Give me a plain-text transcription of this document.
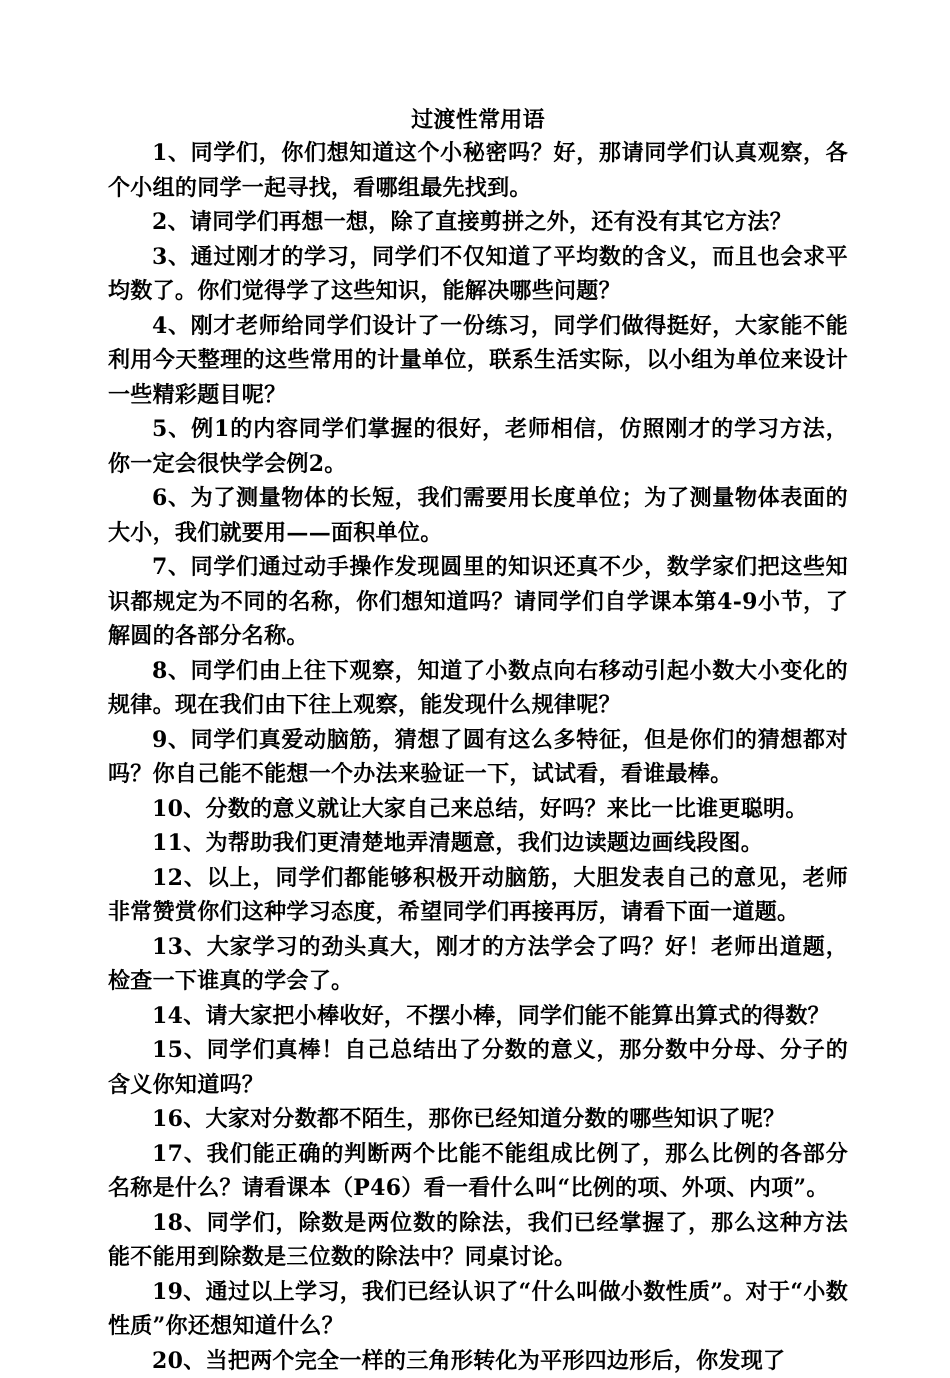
过渡性常用语

1、同学们，你们想知道这个小秘密吗？好，那请同学们认真观察，各个小组的同学一起寻找，看哪组最先找到。

2、请同学们再想一想，除了直接剪拼之外，还有没有其它方法？

3、通过刚才的学习，同学们不仅知道了平均数的含义，而且也会求平均数了。你们觉得学了这些知识，能解决哪些问题？

4、刚才老师给同学们设计了一份练习，同学们做得挺好，大家能不能利用今天整理的这些常用的计量单位，联系生活实际，以小组为单位来设计一些精彩题目呢？

5、例1的内容同学们掌握的很好，老师相信，仿照刚才的学习方法，你一定会很快学会例2。

6、为了测量物体的长短，我们需要用长度单位；为了测量物体表面的大小，我们就要用——面积单位。

7、同学们通过动手操作发现圆里的知识还真不少，数学家们把这些知识都规定为不同的名称，你们想知道吗？请同学们自学课本第4-9小节，了解圆的各部分名称。

8、同学们由上往下观察，知道了小数点向右移动引起小数大小变化的规律。现在我们由下往上观察，能发现什么规律呢？

9、同学们真爱动脑筋，猜想了圆有这么多特征，但是你们的猜想都对吗？你自己能不能想一个办法来验证一下，试试看，看谁最棒。

10、分数的意义就让大家自己来总结，好吗？来比一比谁更聪明。

11、为帮助我们更清楚地弄清题意，我们边读题边画线段图。

12、以上，同学们都能够积极开动脑筋，大胆发表自己的意见，老师非常赞赏你们这种学习态度，希望同学们再接再厉，请看下面一道题。

13、大家学习的劲头真大，刚才的方法学会了吗？好！老师出道题，检查一下谁真的学会了。

14、请大家把小棒收好，不摆小棒，同学们能不能算出算式的得数？

15、同学们真棒！自己总结出了分数的意义，那分数中分母、分子的含义你知道吗？

16、大家对分数都不陌生，那你已经知道分数的哪些知识了呢？

17、我们能正确的判断两个比能不能组成比例了，那么比例的各部分名称是什么？请看课本（P46）看一看什么叫“比例的项、外项、内项”。

18、同学们，除数是两位数的除法，我们已经掌握了，那么这种方法能不能用到除数是三位数的除法中？同桌讨论。

19、通过以上学习，我们已经认识了“什么叫做小数性质”。对于“小数性质”你还想知道什么？

20、当把两个完全一样的三角形转化为平形四边形后，你发现了
